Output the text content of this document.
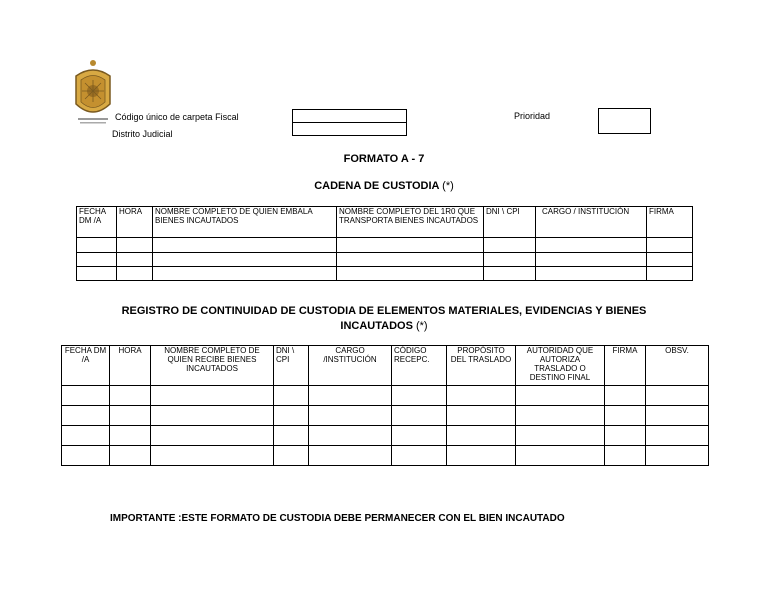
Código único de carpeta Fiscal
Distrito Judicial
Prioridad
FORMATO A - 7
CADENA DE CUSTODIA (*)
FECHA DM /A	HORA	NOMBRE COMPLETO DE QUIEN EMBALA BIENES INCAUTADOS	NOMBRE COMPLETO DEL 1R0 QUE TRANSPORTA BIENES INCAUTADOS	DNI \ CPI	CARGO / INSTITUCIÓN	FIRMA

REGISTRO DE CONTINUIDAD DE CUSTODIA DE ELEMENTOS MATERIALES, EVIDENCIAS Y BIENES
INCAUTADOS (*)
FECHA DM /A	HORA	NOMBRE COMPLETO DE QUIEN RECIBE BIENES INCAUTADOS	DNI \ CPI	CARGO /INSTITUCIÓN	CÓDIGO RECEPC.	PROPÓSITO DEL TRASLADO	AUTORIDAD QUE AUTORIZA TRASLADO O DESTINO FINAL	FIRMA	OBSV.

IMPORTANTE :ESTE FORMATO DE CUSTODIA DEBE PERMANECER CON EL BIEN INCAUTADO
